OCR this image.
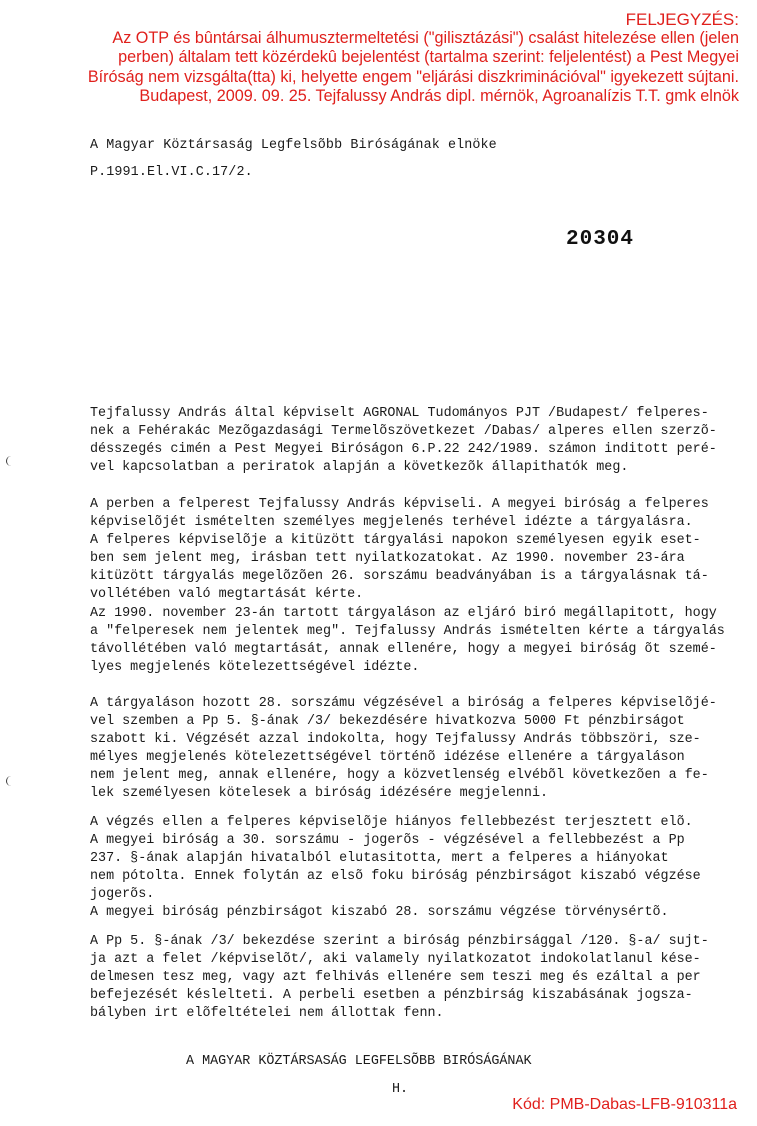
FELJEGYZÉS:
Az OTP és bûntársai álhumusztermeltetési ("gilisztázási") csalást hitelezése ellen (jelen
perben) általam tett közérdekû bejelentést (tartalma szerint: feljelentést) a Pest Megyei
Bíróság nem vizsgálta(tta) ki, helyette engem "eljárási diszkriminációval" igyekezett sújtani.
Budapest, 2009. 09. 25. Tejfalussy András dipl. mérnök, Agroanalízis T.T. gmk elnök
A Magyar Köztársaság Legfelsõbb Biróságának elnöke
P.1991.El.VI.C.17/2.
20304
Tejfalussy András által képviselt AGRONAL Tudományos PJT /Budapest/ felperes-
nek a Fehérakác Mezõgazdasági Termelõszövetkezet /Dabas/ alperes ellen szerzõ-
désszegés cimén a Pest Megyei Biróságon 6.P.22 242/1989. számon inditott peré-
vel kapcsolatban a periratok alapján a következõk állapithatók meg.
A perben a felperest Tejfalussy András képviseli. A megyei biróság a felperes
képviselõjét ismételten személyes megjelenés terhével idézte a tárgyalásra.
A felperes képviselõje a kitüzött tárgyalási napokon személyesen egyik eset-
ben sem jelent meg, irásban tett nyilatkozatokat. Az 1990. november 23-ára
kitüzött tárgyalás megelõzõen 26. sorszámu beadványában is a tárgyalásnak tá-
vollétében való megtartását kérte.
Az 1990. november 23-án tartott tárgyaláson az eljáró biró megállapitott, hogy
a "felperesek nem jelentek meg". Tejfalussy András ismételten kérte a tárgyalás
távollétében való megtartását, annak ellenére, hogy a megyei biróság õt szemé-
lyes megjelenés kötelezettségével idézte.
A tárgyaláson hozott 28. sorszámu végzésével a biróság a felperes képviselõjé-
vel szemben a Pp 5. §-ának /3/ bekezdésére hivatkozva 5000 Ft pénzbirságot
szabott ki. Végzését azzal indokolta, hogy Tejfalussy András többszöri, sze-
mélyes megjelenés kötelezettségével történõ idézése ellenére a tárgyaláson
nem jelent meg, annak ellenére, hogy a közvetlenség elvébõl következõen a fe-
lek személyesen kötelesek a biróság idézésére megjelenni.
A végzés ellen a felperes képviselõje hiányos fellebbezést terjesztett elõ.
A megyei biróság a 30. sorszámu - jogerõs - végzésével a fellebbezést a Pp
237. §-ának alapján hivatalból elutasitotta, mert a felperes a hiányokat
nem pótolta. Ennek folytán az elsõ foku biróság pénzbirságot kiszabó végzése
jogerõs.
A megyei biróság pénzbirságot kiszabó 28. sorszámu végzése törvénysértõ.
A Pp 5. §-ának /3/ bekezdése szerint a biróság pénzbirsággal /120. §-a/ sujt-
ja azt a felet /képviselõt/, aki valamely nyilatkozatot indokolatlanul kése-
delmesen tesz meg, vagy azt felhivás ellenére sem teszi meg és ezáltal a per
befejezését késlelteti. A perbeli esetben a pénzbirság kiszabásának jogsza-
bályben irt elõfeltételei nem állottak fenn.
A MAGYAR KÖZTÁRSASÁG LEGFELSÕBB BIRÓSÁGÁNAK
H.
Kód: PMB-Dabas-LFB-910311a
